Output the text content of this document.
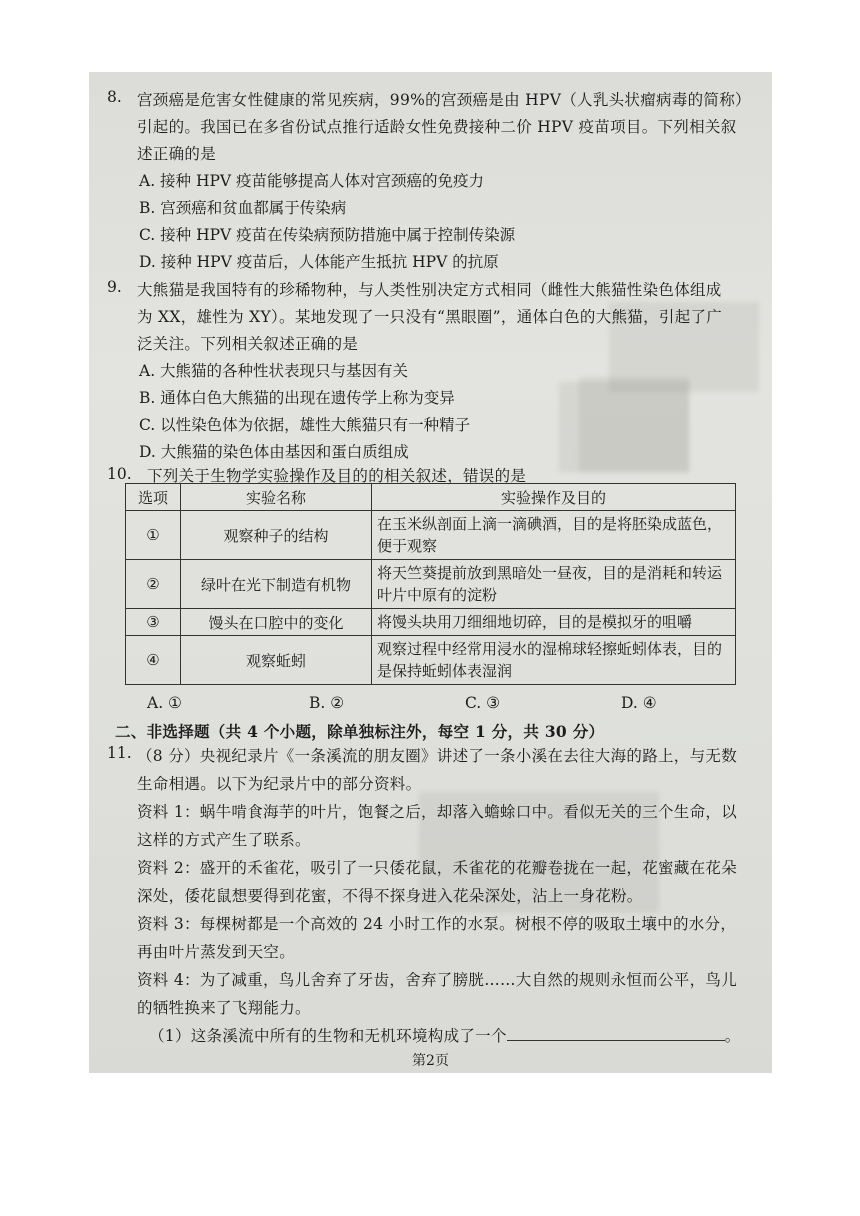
8. 宫颈癌是危害女性健康的常见疾病，99%的宫颈癌是由 HPV（人乳头状瘤病毒的简称）
引起的。我国已在多省份试点推行适龄女性免费接种二价 HPV 疫苗项目。下列相关叙
述正确的是
A. 接种 HPV 疫苗能够提高人体对宫颈癌的免疫力
B. 宫颈癌和贫血都属于传染病
C. 接种 HPV 疫苗在传染病预防措施中属于控制传染源
D. 接种 HPV 疫苗后，人体能产生抵抗 HPV 的抗原
9. 大熊猫是我国特有的珍稀物种，与人类性别决定方式相同（雌性大熊猫性染色体组成
为 XX，雄性为 XY）。某地发现了一只没有“黑眼圈”，通体白色的大熊猫，引起了广
泛关注。下列相关叙述正确的是
A. 大熊猫的各种性状表现只与基因有关
B. 通体白色大熊猫的出现在遗传学上称为变异
C. 以性染色体为依据，雄性大熊猫只有一种精子
D. 大熊猫的染色体由基因和蛋白质组成
10. 下列关于生物学实验操作及目的的相关叙述，错误的是
选项	实验名称	实验操作及目的
①	观察种子的结构	在玉米纵剖面上滴一滴碘酒，目的是将胚染成蓝色，便于观察
②	绿叶在光下制造有机物	将天竺葵提前放到黑暗处一昼夜，目的是消耗和转运叶片中原有的淀粉
③	馒头在口腔中的变化	将馒头块用刀细细地切碎，目的是模拟牙的咀嚼
④	观察蚯蚓	观察过程中经常用浸水的湿棉球轻擦蚯蚓体表，目的是保持蚯蚓体表湿润
A. ①	B. ②	C. ③	D. ④
二、非选择题（共 4 个小题，除单独标注外，每空 1 分，共 30 分）
11. （8 分）央视纪录片《一条溪流的朋友圈》讲述了一条小溪在去往大海的路上，与无数
生命相遇。以下为纪录片中的部分资料。
资料 1：蜗牛啃食海芋的叶片，饱餐之后，却落入蟾蜍口中。看似无关的三个生命，以
这样的方式产生了联系。
资料 2：盛开的禾雀花，吸引了一只倭花鼠，禾雀花的花瓣卷拢在一起，花蜜藏在花朵
深处，倭花鼠想要得到花蜜，不得不探身进入花朵深处，沾上一身花粉。
资料 3：每棵树都是一个高效的 24 小时工作的水泵。树根不停的吸取土壤中的水分，
再由叶片蒸发到天空。
资料 4：为了减重，鸟儿舍弃了牙齿，舍弃了膀胱……大自然的规则永恒而公平，鸟儿
的牺牲换来了飞翔能力。
（1）这条溪流中所有的生物和无机环境构成了一个	。
第2页
